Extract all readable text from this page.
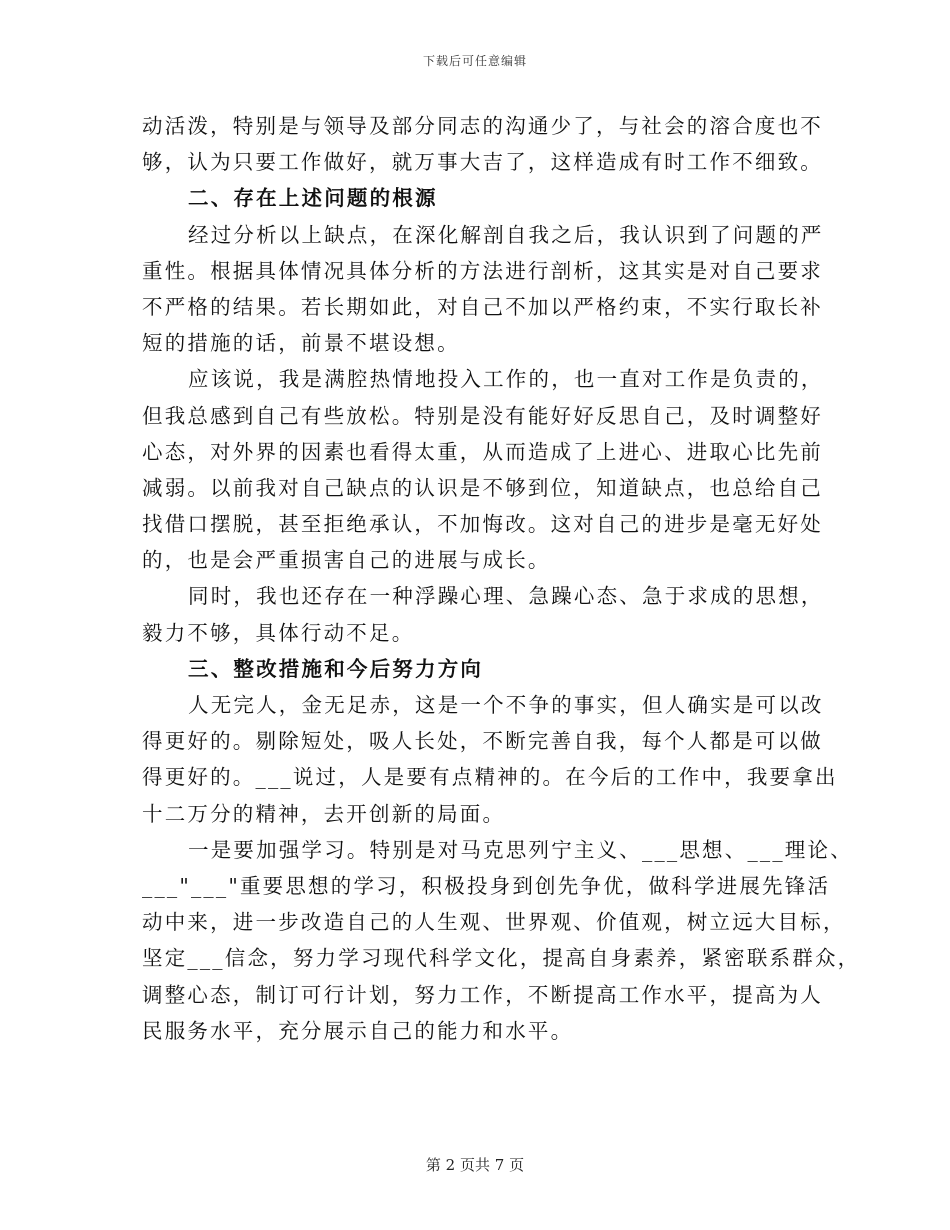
下载后可任意编辑
动活泼，特别是与领导及部分同志的沟通少了，与社会的溶合度也不
够，认为只要工作做好，就万事大吉了，这样造成有时工作不细致。
二、存在上述问题的根源
经过分析以上缺点，在深化解剖自我之后，我认识到了问题的严
重性。根据具体情况具体分析的方法进行剖析，这其实是对自己要求
不严格的结果。若长期如此，对自己不加以严格约束，不实行取长补
短的措施的话，前景不堪设想。
应该说，我是满腔热情地投入工作的，也一直对工作是负责的，
但我总感到自己有些放松。特别是没有能好好反思自己，及时调整好
心态，对外界的因素也看得太重，从而造成了上进心、进取心比先前
减弱。以前我对自己缺点的认识是不够到位，知道缺点，也总给自己
找借口摆脱，甚至拒绝承认，不加悔改。这对自己的进步是毫无好处
的，也是会严重损害自己的进展与成长。
同时，我也还存在一种浮躁心理、急躁心态、急于求成的思想，
毅力不够，具体行动不足。
三、整改措施和今后努力方向
人无完人，金无足赤，这是一个不争的事实，但人确实是可以改
得更好的。剔除短处，吸人长处，不断完善自我，每个人都是可以做
得更好的。___说过，人是要有点精神的。在今后的工作中，我要拿出
十二万分的精神，去开创新的局面。
一是要加强学习。特别是对马克思列宁主义、___思想、___理论、
___"___"重要思想的学习，积极投身到创先争优，做科学进展先锋活
动中来，进一步改造自己的人生观、世界观、价值观，树立远大目标，
坚定___信念，努力学习现代科学文化，提高自身素养，紧密联系群众，
调整心态，制订可行计划，努力工作，不断提高工作水平，提高为人
民服务水平，充分展示自己的能力和水平。
第 2 页共 7 页
